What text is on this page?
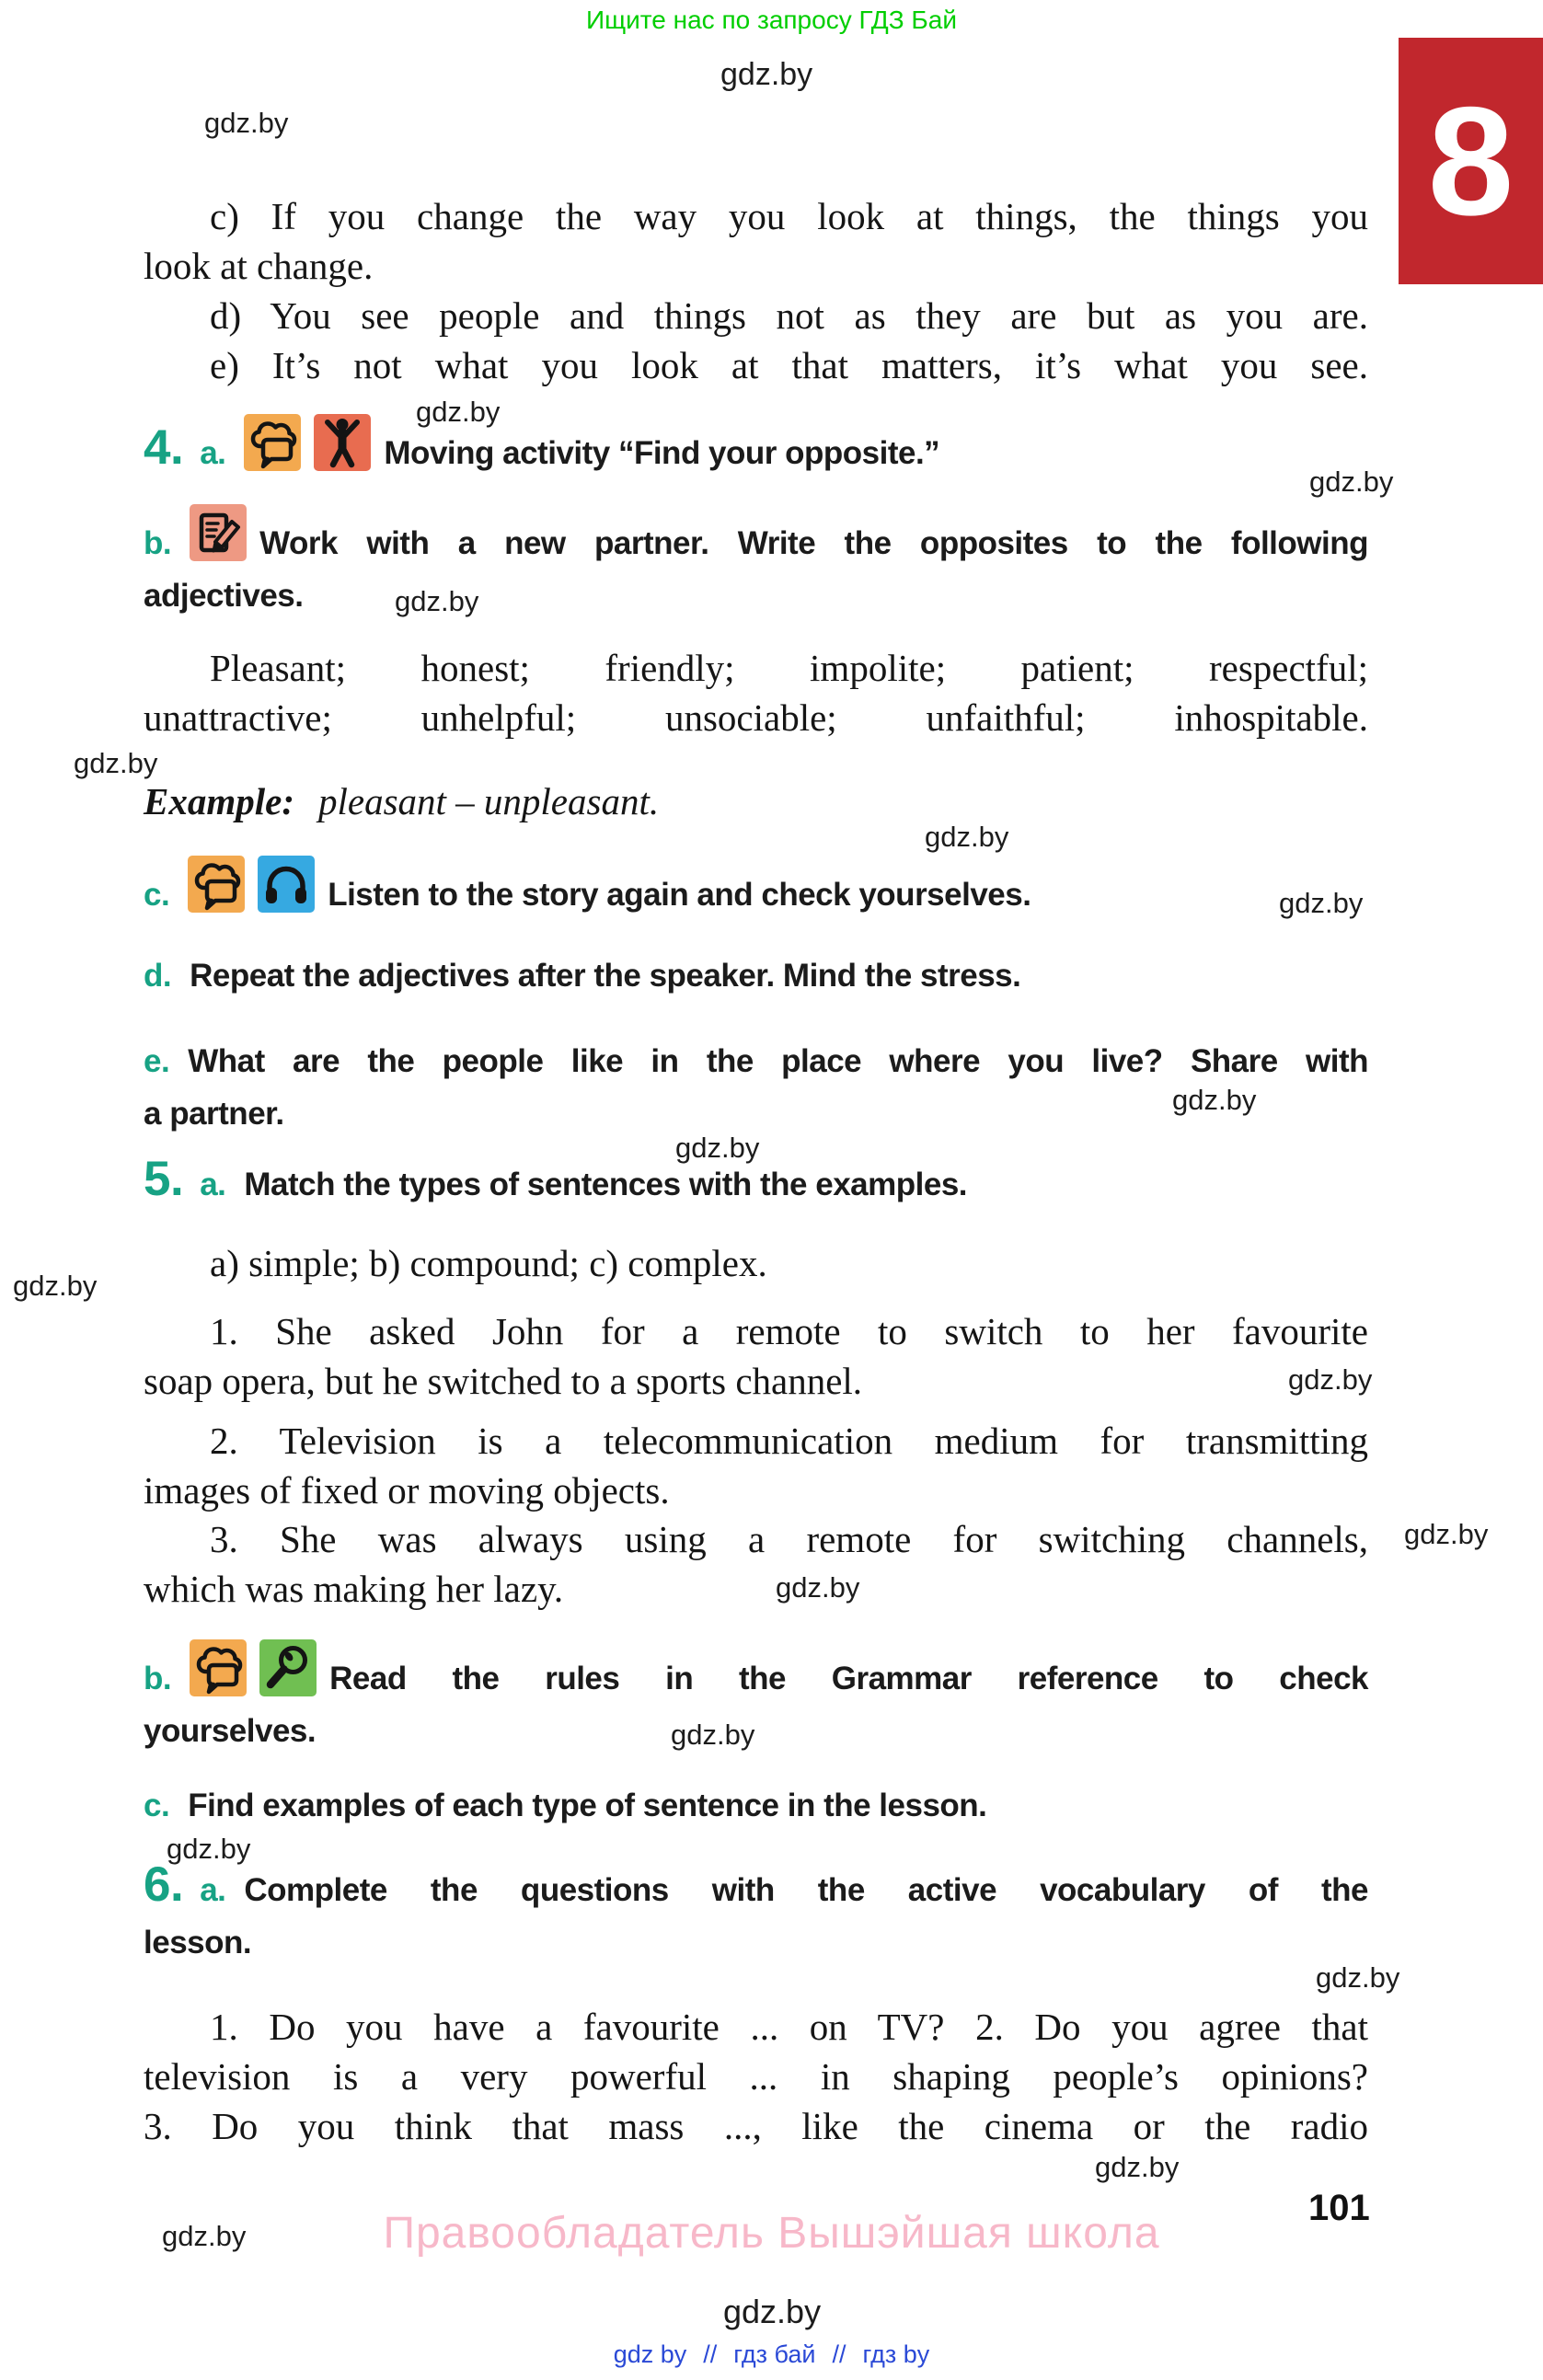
Ищите нас по запросу ГДЗ Бай
8
gdz.by
gdz.by
gdz.by
gdz.by
gdz.by
gdz.by
gdz.by
gdz.by
gdz.by
gdz.by
gdz.by
gdz.by
gdz.by
gdz.by
gdz.by
gdz.by
gdz.by
gdz.by
gdz.by
gdz.by
c) If you change the way you look at things, the things you
look at change.
d) You see people and things not as they are but as you are.
e) It’s not what you look at that matters, it’s what you see.
4. a.	Moving activity “Find your opposite.”
b.	Work with a new partner. Write the opposites to the following
adjectives.
Pleasant; honest; friendly; impolite; patient; respectful;
unattractive; unhelpful; unsociable; unfaithful; inhospitable.
Example: pleasant – unpleasant.
c.	Listen to the story again and check yourselves.
d. Repeat the adjectives after the speaker. Mind the stress.
e. What are the people like in the place where you live? Share with
a partner.
5. a. Match the types of sentences with the examples.
a) simple; b) compound; c) complex.
1. She asked John for a remote to switch to her favourite
soap opera, but he switched to a sports channel.
2. Television is a telecommunication medium for transmitting
images of fixed or moving objects.
3. She was always using a remote for switching channels,
which was making her lazy.
b.	Read the rules in the Grammar reference to check
yourselves.
c. Find examples of each type of sentence in the lesson.
6. a. Complete the questions with the active vocabulary of the
lesson.
1. Do you have a favourite ... on TV? 2. Do you agree that
television is a very powerful ... in shaping people’s opinions?
3. Do you think that mass ..., like the cinema or the radio
101
Правообладатель Вышэйшая школа
gdz by // гдз бай // гдз by
